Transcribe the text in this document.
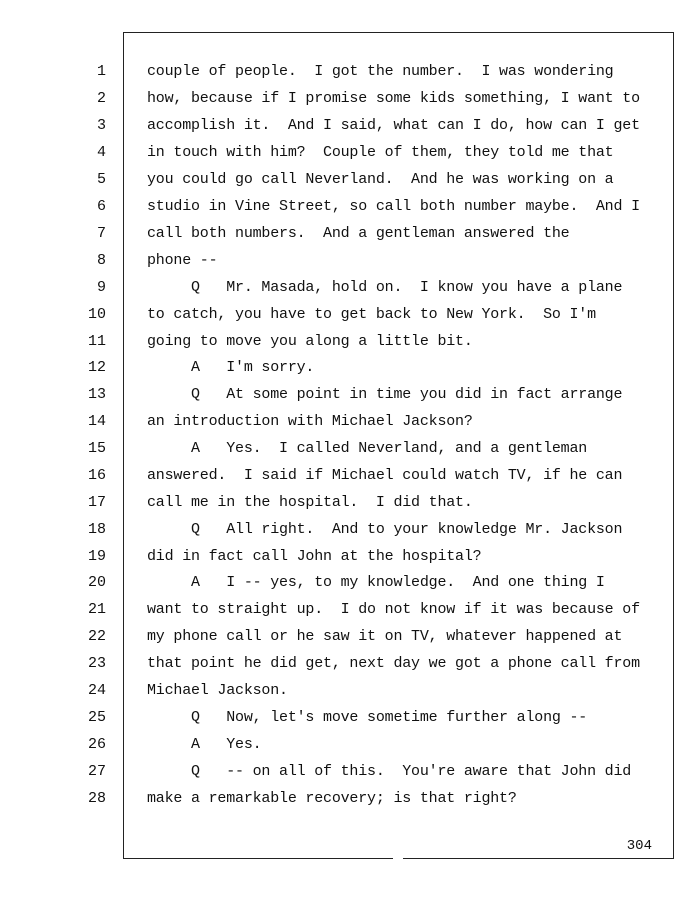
1	couple of people.  I got the number.  I was wondering
2	how, because if I promise some kids something, I want to
3	accomplish it.  And I said, what can I do, how can I get
4	in touch with him?  Couple of them, they told me that
5	you could go call Neverland.  And he was working on a
6	studio in Vine Street, so call both number maybe.  And I
7	call both numbers.  And a gentleman answered the
8	phone --
9	Q   Mr. Masada, hold on.  I know you have a plane
10	to catch, you have to get back to New York.  So I'm
11	going to move you along a little bit.
12	A   I'm sorry.
13	Q   At some point in time you did in fact arrange
14	an introduction with Michael Jackson?
15	A   Yes.  I called Neverland, and a gentleman
16	answered.  I said if Michael could watch TV, if he can
17	call me in the hospital.  I did that.
18	Q   All right.  And to your knowledge Mr. Jackson
19	did in fact call John at the hospital?
20	A   I -- yes, to my knowledge.  And one thing I
21	want to straight up.  I do not know if it was because of
22	my phone call or he saw it on TV, whatever happened at
23	that point he did get, next day we got a phone call from
24	Michael Jackson.
25	Q   Now, let's move sometime further along --
26	A   Yes.
27	Q   -- on all of this.  You're aware that John did
28	make a remarkable recovery; is that right?
304
